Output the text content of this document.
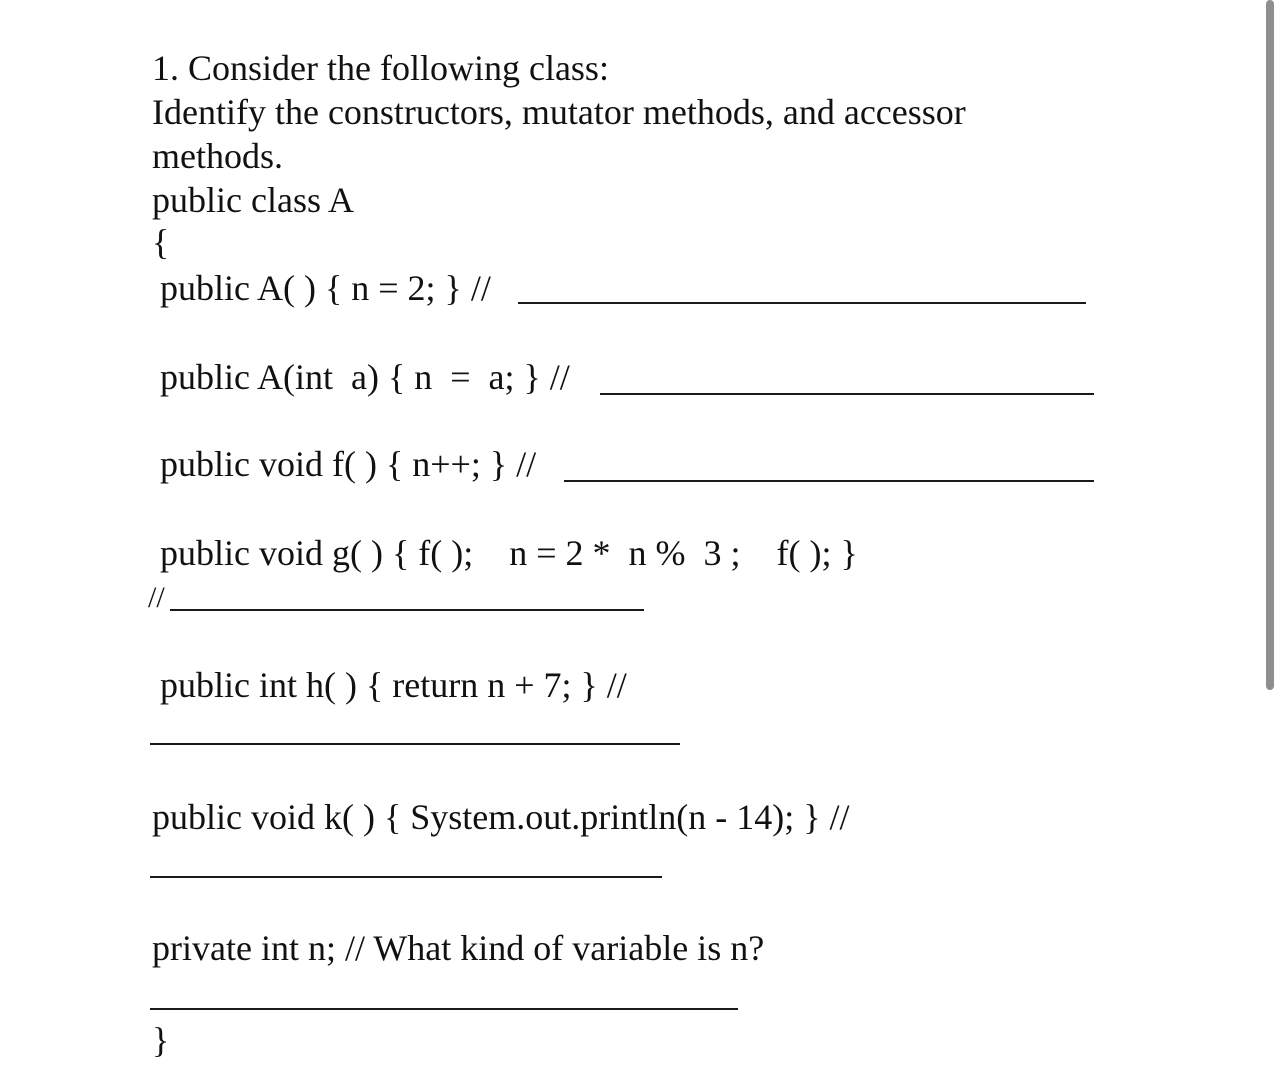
1. Consider the following class:
Identify the constructors, mutator methods, and accessor
methods.
public class A
{
public A( ) { n = 2; } //
public A(int  a) { n  =  a; } //
public void f( ) { n++; } //
public void g( ) { f( );    n = 2 *  n %  3 ;    f( ); }
//
public int h( ) { return n + 7; } //
public void k( ) { System.out.println(n - 14); } //
private int n; // What kind of variable is n?
}
